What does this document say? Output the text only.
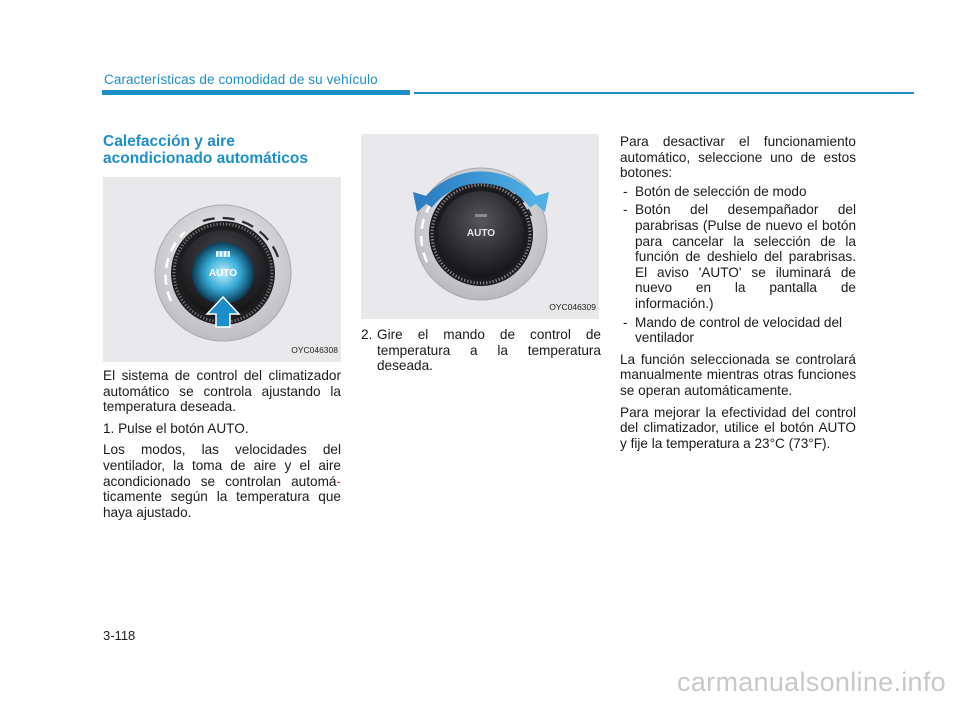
Características de comodidad de su vehículo
Calefacción y aire acondicionado automáticos
AUTO
OYC046308

El sistema de control del climatizador automático se controla ajustando la temperatura deseada.

1. Pulse el botón AUTO.

Los modos, las velocidades del ventilador, la toma de aire y el aire acondicionado se controlan automá-ticamente según la temperatura que haya ajustado.

AUTO
OYC046309
2. Gire el mando de control de temperatura a la temperatura deseada.

Para desactivar el funcionamiento automático, seleccione uno de estos botones:

- Botón de selección de modo
- Botón del desempañador del parabrisas (Pulse de nuevo el botón para cancelar la selección de la función de deshielo del parabrisas. El aviso 'AUTO' se iluminará de nuevo en la pantalla de información.)
- Mando de control de velocidad del ventilador

La función seleccionada se controlará manualmente mientras otras funciones se operan automáticamente.

Para mejorar la efectividad del control del climatizador, utilice el botón AUTO y fije la temperatura a 23°C (73°F).

3-118
carmanualsonline.info
